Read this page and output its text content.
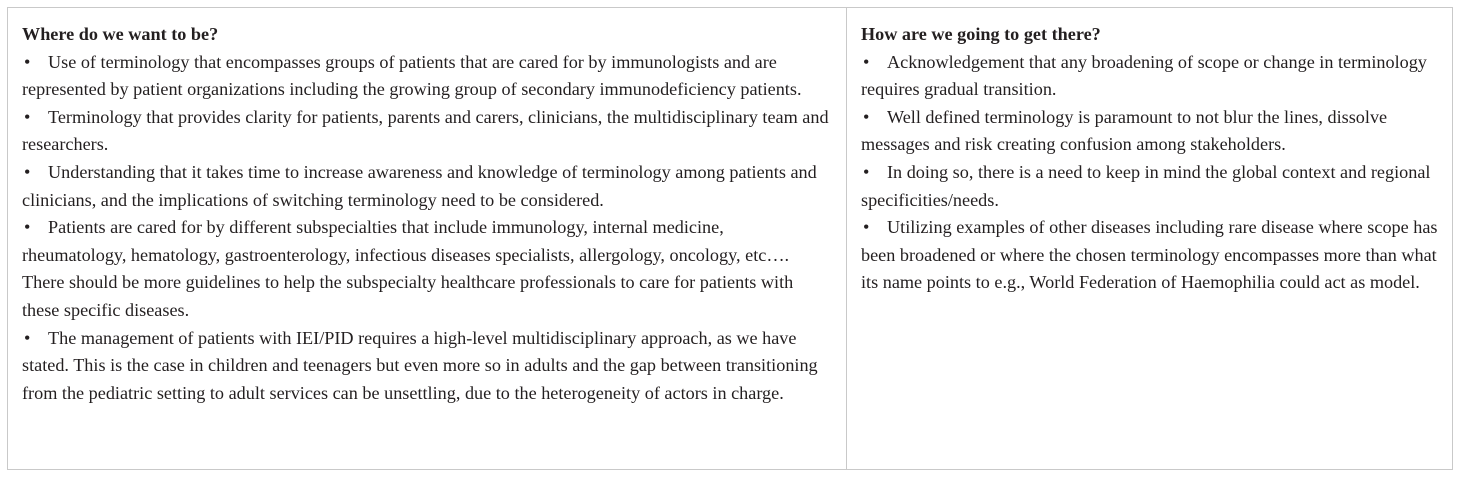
Where do we want to be?
• Use of terminology that encompasses groups of patients that are cared for by immunologists and are represented by patient organizations including the growing group of secondary immunodeficiency patients.
• Terminology that provides clarity for patients, parents and carers, clinicians, the multidisciplinary team and researchers.
• Understanding that it takes time to increase awareness and knowledge of terminology among patients and clinicians, and the implications of switching terminology need to be considered.
• Patients are cared for by different subspecialties that include immunology, internal medicine, rheumatology, hematology, gastroenterology, infectious diseases specialists, allergology, oncology, etc…. There should be more guidelines to help the subspecialty healthcare professionals to care for patients with these specific diseases.
• The management of patients with IEI/PID requires a high-level multidisciplinary approach, as we have stated. This is the case in children and teenagers but even more so in adults and the gap between transitioning from the pediatric setting to adult services can be unsettling, due to the heterogeneity of actors in charge.
How are we going to get there?
• Acknowledgement that any broadening of scope or change in terminology requires gradual transition.
• Well defined terminology is paramount to not blur the lines, dissolve messages and risk creating confusion among stakeholders.
• In doing so, there is a need to keep in mind the global context and regional specificities/needs.
• Utilizing examples of other diseases including rare disease where scope has been broadened or where the chosen terminology encompasses more than what its name points to e.g., World Federation of Haemophilia could act as model.
